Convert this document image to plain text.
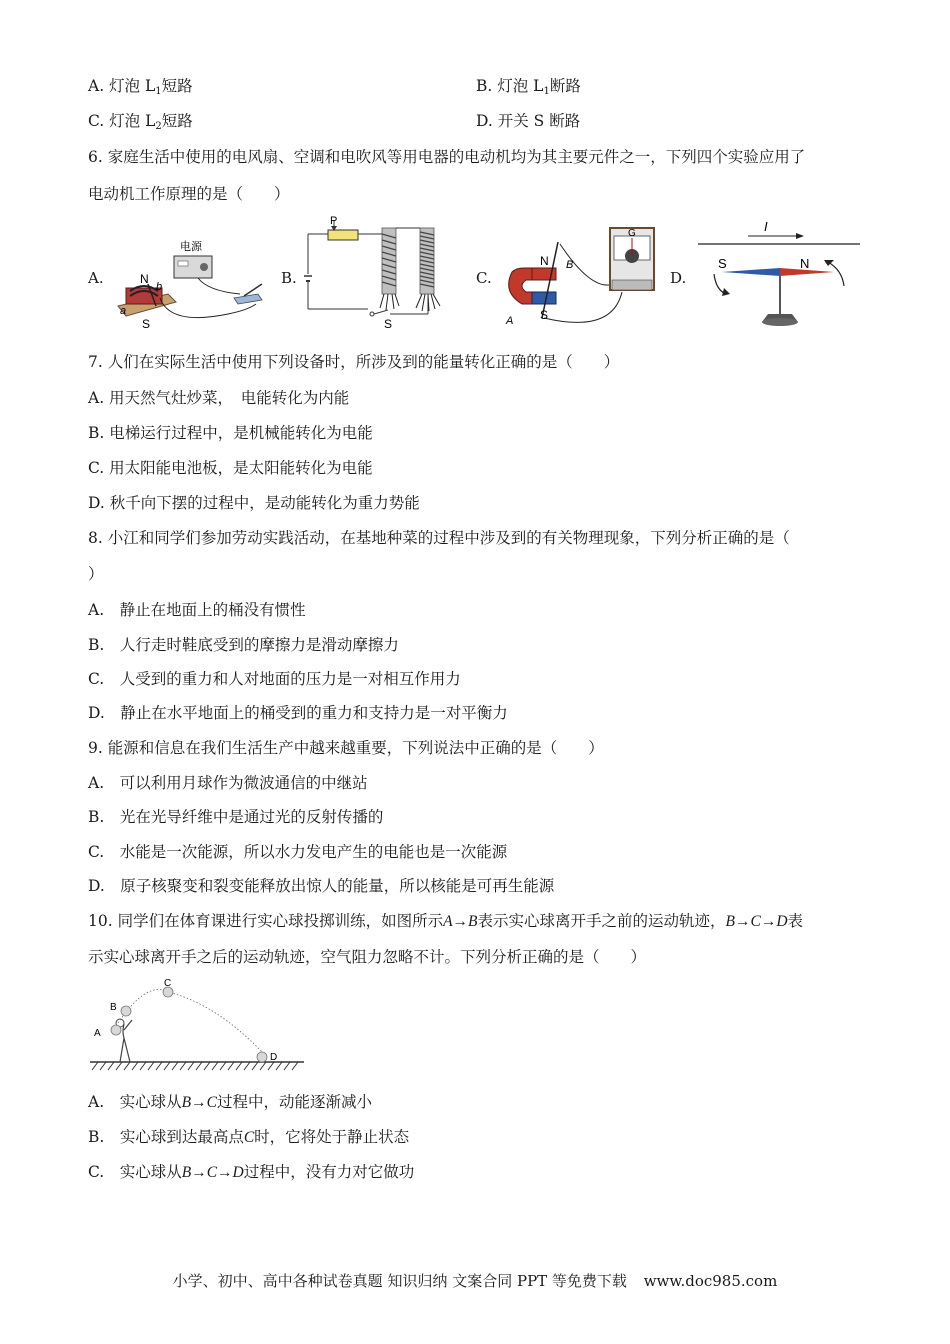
A. 灯泡 $L_1$短路	B. 灯泡 $L_1$断路
C. 灯泡 $L_2$短路	D. 开关 S 断路
6. 家庭生活中使用的电风扇、空调和电吹风等用电器的电动机均为其主要元件之一，下列四个实验应用了
电动机工作原理的是（　　）
A.	B.	C.	D.
电源
N
S
a
b
P
S
N
S
A
B
G	I
S	N
7. 人们在实际生活中使用下列设备时，所涉及到的能量转化正确的是（　　）
A. 用天然气灶炒菜，　电能转化为内能
B. 电梯运行过程中，是机械能转化为电能
C. 用太阳能电池板，是太阳能转化为电能
D. 秋千向下摆的过程中，是动能转化为重力势能
8. 小江和同学们参加劳动实践活动，在基地种菜的过程中涉及到的有关物理现象，下列分析正确的是（
）
A.　静止在地面上的桶没有惯性
B.　人行走时鞋底受到的摩擦力是滑动摩擦力
C.　人受到的重力和人对地面的压力是一对相互作用力
D.　静止在水平地面上的桶受到的重力和支持力是一对平衡力
9. 能源和信息在我们生活生产中越来越重要，下列说法中正确的是（　　）
A.　可以利用月球作为微波通信的中继站
B.　光在光导纤维中是通过光的反射传播的
C.　水能是一次能源，所以水力发电产生的电能也是一次能源
D.　原子核聚变和裂变能释放出惊人的能量，所以核能是可再生能源
10. 同学们在体育课进行实心球投掷训练，如图所示A→B表示实心球离开手之前的运动轨迹，B→C→D表
示实心球离开手之后的运动轨迹，空气阻力忽略不计。下列分析正确的是（　　）
A
B
C
D
A.　实心球从B→C过程中，动能逐渐减小
B.　实心球到达最高点C时，它将处于静止状态
C.　实心球从B→C→D过程中，没有力对它做功
小学、初中、高中各种试卷真题 知识归纳 文案合同 PPT 等免费下载 www.doc985.com
